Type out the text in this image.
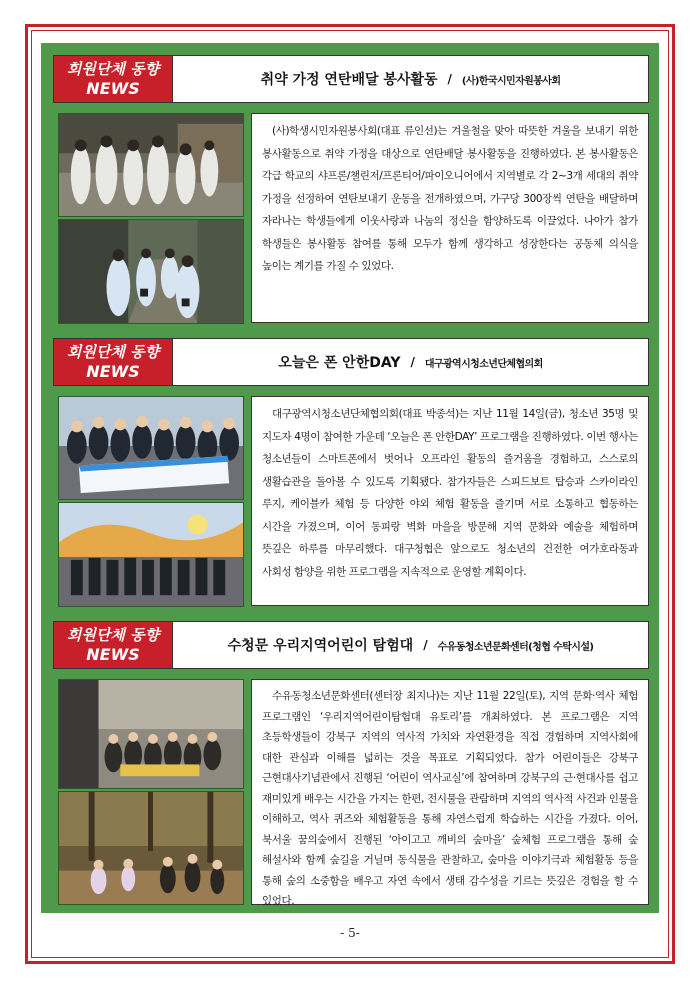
회원단체 동향
NEWS	취약 가정 연탄배달 봉사활동 / (사)한국시민자원봉사회

(사)학생시민자원봉사회(대표 류인선)는 겨울철을 맞아 따뜻한 겨울을 보내기 위한 봉사활동으로 취약 가정을 대상으로 연탄배달 봉사활동을 진행하였다. 본 봉사활동은 각급 학교의 샤프론/챌린저/프론티어/파이오니어에서 지역별로 각 2~3개 세대의 취약 가정을 선정하여 연탄보내기 운동을 전개하였으며, 가구당 300장씩 연탄을 배달하며 자라나는 학생들에게 이웃사랑과 나눔의 정신을 함양하도록 이끌었다. 나아가 참가 학생들은 봉사활동 참여를 통해 모두가 함께 생각하고 성장한다는 공동체 의식을 높이는 계기를 가질 수 있었다.

회원단체 동향
NEWS	오늘은 폰 안한DAY / 대구광역시청소년단체협의회

대구광역시청소년단체협의회(대표 박종석)는 지난 11월 14일(금), 청소년 35명 및 지도자 4명이 참여한 가운데 ‘오늘은 폰 안한DAY’ 프로그램을 진행하였다. 이번 행사는 청소년들이 스마트폰에서 벗어나 오프라인 활동의 즐거움을 경험하고, 스스로의 생활습관을 돌아볼 수 있도록 기획됐다. 참가자들은 스피드보트 탑승과 스카이라인 루지, 케이블카 체험 등 다양한 야외 체험 활동을 즐기며 서로 소통하고 협동하는 시간을 가졌으며, 이어 동피랑 벽화 마을을 방문해 지역 문화와 예술을 체험하며 뜻깊은 하루를 마무리했다. 대구청협은 앞으로도 청소년의 건전한 여가호라동과 사회성 함양을 위한 프로그램을 지속적으로 운영할 계획이다.

회원단체 동향
NEWS	수청문 우리지역어린이 탐험대 / 수유동청소년문화센터(청협 수탁시설)

수유동청소년문화센터(센터장 최지나)는 지난 11월 22일(토), 지역 문화·역사 체험 프로그램인 ‘우리지역어린이탐험대 유토리’를 개최하였다. 본 프로그램은 지역 초등학생들이 강북구 지역의 역사적 가치와 자연환경을 직접 경험하며 지역사회에 대한 관심과 이해를 넓히는 것을 목표로 기획되었다. 참가 어린이들은 강북구 근현대사기념관에서 진행된 ‘어린이 역사교실’에 참여하며 강북구의 근·현대사를 쉽고 재미있게 배우는 시간을 가지는 한편, 전시물을 관람하며 지역의 역사적 사건과 인물을 이해하고, 역사 퀴즈와 체험활동을 통해 자연스럽게 학습하는 시간을 가졌다. 이어, 북서울 꿈의숲에서 진행된 ‘아이고고 깨비의 숲마을’ 숲체험 프로그램을 통해 숲 해설사와 함께 숲길을 거닐며 동식물을 관찰하고, 숲마을 이야기극과 체험활동 등을 통해 숲의 소중함을 배우고 자연 속에서 생태 감수성을 기르는 뜻깊은 경험을 할 수 있었다.

- 5-
